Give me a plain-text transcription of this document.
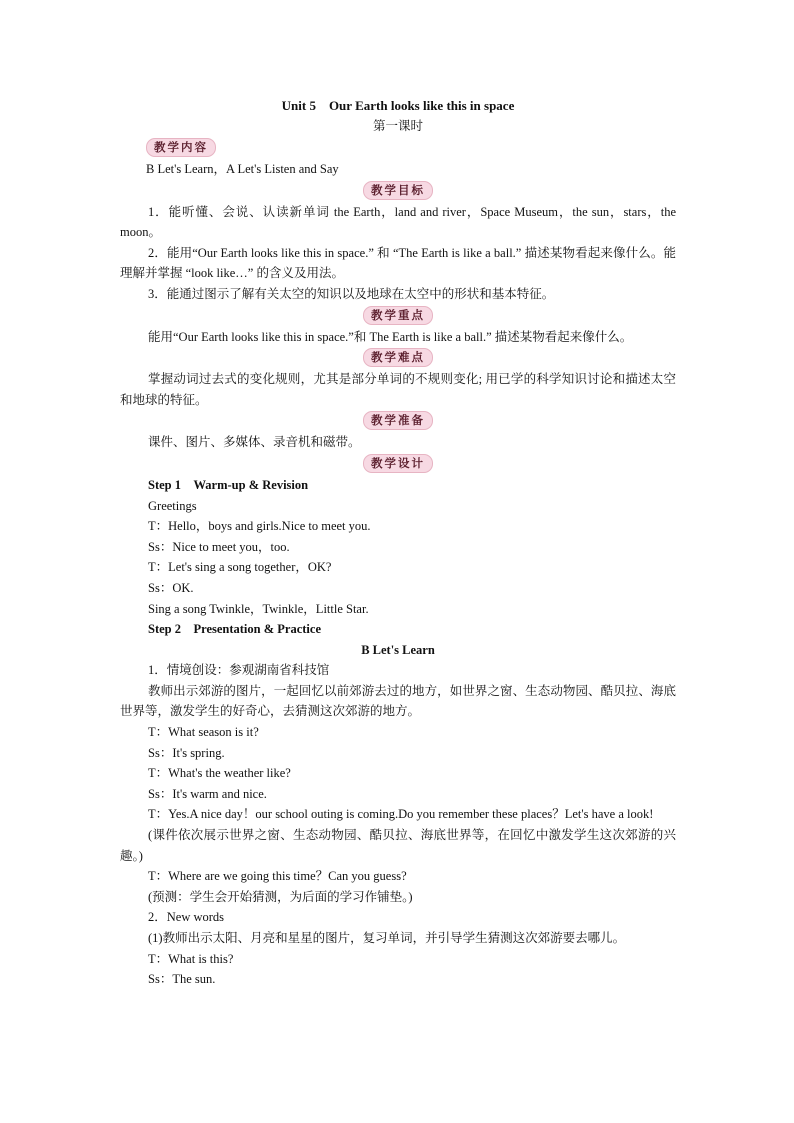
Unit 5　Our Earth looks like this in space

第一课时

教学内容

B Let's Learn，A Let's Listen and Say

教学目标

1．能听懂、会说、认读新单词 the Earth，land and river，Space Museum，the sun，stars，the moon。

2．能用“Our Earth looks like this in space.” 和 “The Earth is like a ball.” 描述某物看起来像什么。能理解并掌握 “look like…” 的含义及用法。

3．能通过图示了解有关太空的知识以及地球在太空中的形状和基本特征。

教学重点

能用“Our Earth looks like this in space.”和 The Earth is like a ball.” 描述某物看起来像什么。

教学难点

掌握动词过去式的变化规则，尤其是部分单词的不规则变化; 用已学的科学知识讨论和描述太空和地球的特征。

教学准备

课件、图片、多媒体、录音机和磁带。

教学设计

Step 1　Warm-up & Revision

Greetings

T：Hello，boys and girls.Nice to meet you.

Ss：Nice to meet you，too.

T：Let's sing a song together，OK?

Ss：OK.

Sing a song Twinkle，Twinkle，Little Star.

Step 2　Presentation & Practice

B Let's Learn

1．情境创设：参观湖南省科技馆

教师出示郊游的图片，一起回忆以前郊游去过的地方，如世界之窗、生态动物园、酷贝拉、海底世界等，激发学生的好奇心，去猜测这次郊游的地方。

T：What season is it?

Ss：It's spring.

T：What's the weather like?

Ss：It's warm and nice.

T：Yes.A nice day！our school outing is coming.Do you remember these places？Let's have a look!

(课件依次展示世界之窗、生态动物园、酷贝拉、海底世界等，在回忆中激发学生这次郊游的兴趣。)

T：Where are we going this time？Can you guess?

(预测：学生会开始猜测，为后面的学习作铺垫。)

2．New words

(1)教师出示太阳、月亮和星星的图片，复习单词，并引导学生猜测这次郊游要去哪儿。

T：What is this?

Ss：The sun.
